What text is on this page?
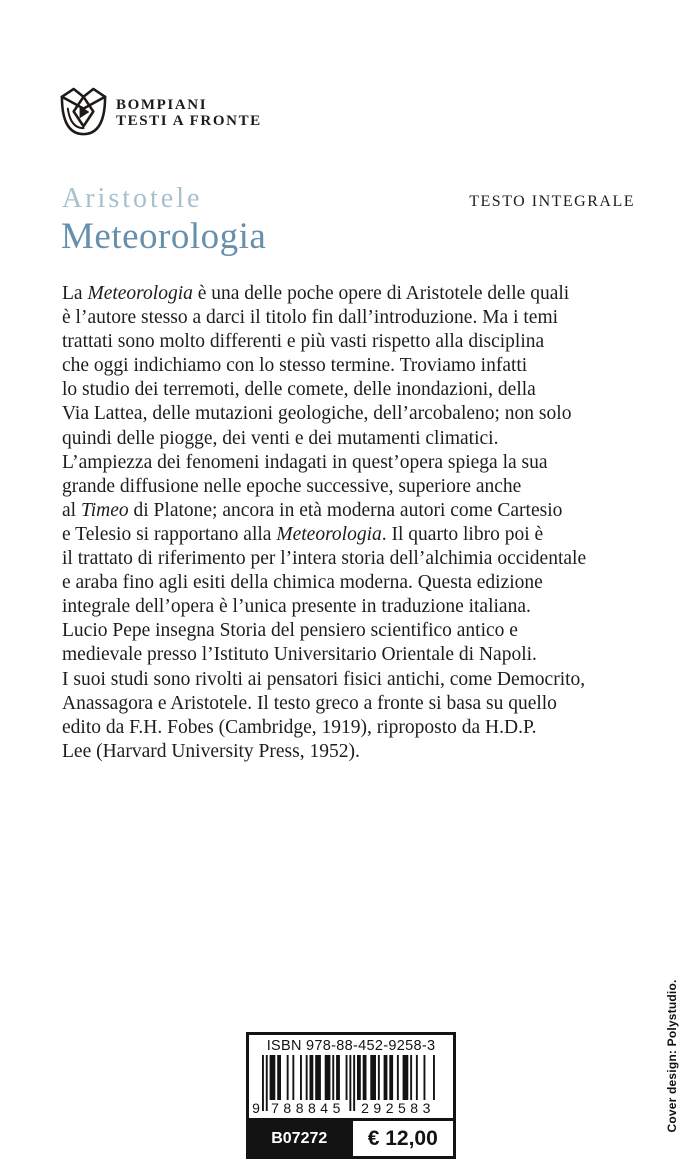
BOMPIANI
TESTI A FRONTE
Aristotele
Meteorologia
TESTO INTEGRALE
La Meteorologia è una delle poche opere di Aristotele delle quali
è l’autore stesso a darci il titolo fin dall’introduzione. Ma i temi
trattati sono molto differenti e più vasti rispetto alla disciplina
che oggi indichiamo con lo stesso termine. Troviamo infatti
lo studio dei terremoti, delle comete, delle inondazioni, della
Via Lattea, delle mutazioni geologiche, dell’arcobaleno; non solo
quindi delle piogge, dei venti e dei mutamenti climatici.
L’ampiezza dei fenomeni indagati in quest’opera spiega la sua
grande diffusione nelle epoche successive, superiore anche
al Timeo di Platone; ancora in età moderna autori come Cartesio
e Telesio si rapportano alla Meteorologia. Il quarto libro poi è
il trattato di riferimento per l’intera storia dell’alchimia occidentale
e araba fino agli esiti della chimica moderna. Questa edizione
integrale dell’opera è l’unica presente in traduzione italiana.
Lucio Pepe insegna Storia del pensiero scientifico antico e
medievale presso l’Istituto Universitario Orientale di Napoli.
I suoi studi sono rivolti ai pensatori fisici antichi, come Democrito,
Anassagora e Aristotele. Il testo greco a fronte si basa su quello
edito da F.H. Fobes (Cambridge, 1919), riproposto da H.D.P.
Lee (Harvard University Press, 1952).
ISBN 978-88-452-9258-3
9 788845 292583
B07272	€ 12,00
Cover design: Polystudio.
